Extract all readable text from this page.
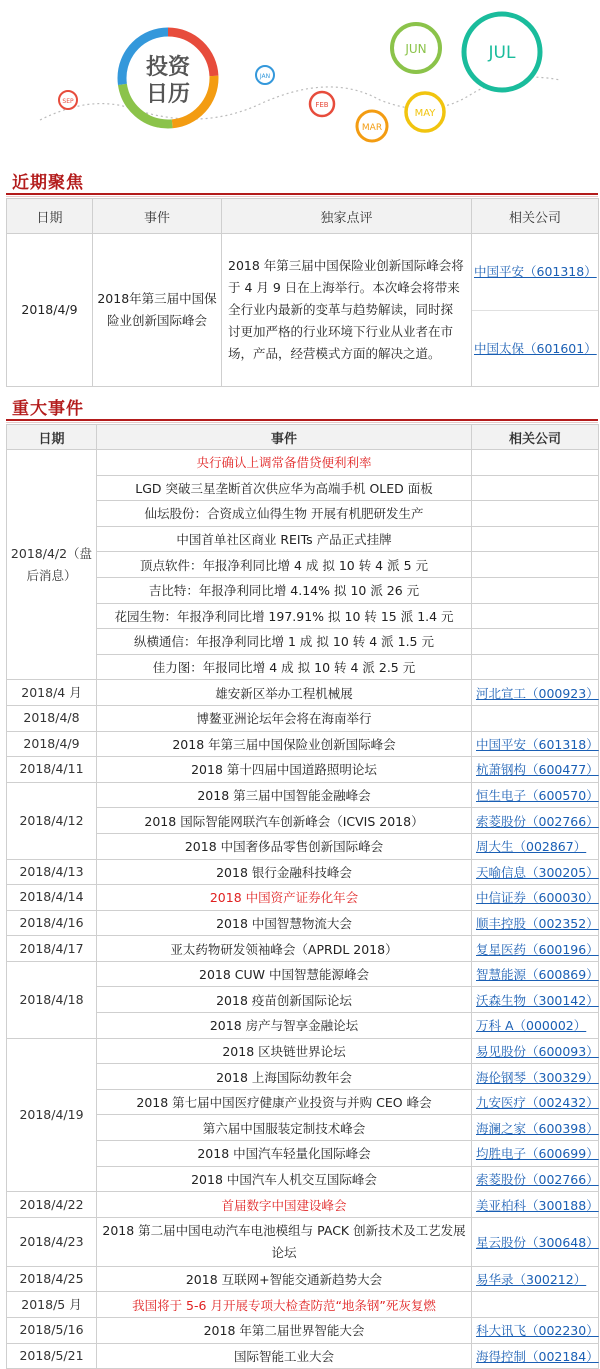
投资
日历
SEP
JAN
FEB
MAR
MAY
JUN	JUL
近期聚焦
日期	事件	独家点评	相关公司
2018/4/9	2018年第三届中国保险业创新国际峰会	2018 年第三届中国保险业创新国际峰会将于 4 月 9 日在上海举行。本次峰会将带来全行业内最新的变革与趋势解读，同时探讨更加严格的行业环境下行业从业者在市场，产品，经营模式方面的解决之道。	中国平安（601318）
中国太保（601601）
重大事件
日期	事件	相关公司
2018/4/2（盘后消息）	央行确认上调常备借贷便利利率	
	LGD 突破三星垄断首次供应华为高端手机 OLED 面板	
	仙坛股份：合资成立仙得生物 开展有机肥研发生产	
	中国首单社区商业 REITs 产品正式挂牌	
	顶点软件：年报净利同比增 4 成 拟 10 转 4 派 5 元	
	吉比特：年报净利同比增 4.14% 拟 10 派 26 元	
	花园生物：年报净利同比增 197.91% 拟 10 转 15 派 1.4 元	
	纵横通信：年报净利同比增 1 成 拟 10 转 4 派 1.5 元	
	佳力图：年报同比增 4 成 拟 10 转 4 派 2.5 元	
2018/4 月	雄安新区举办工程机械展	河北宣工（000923）
2018/4/8	博鳌亚洲论坛年会将在海南举行	
2018/4/9	2018 年第三届中国保险业创新国际峰会	中国平安（601318）
2018/4/11	2018 第十四届中国道路照明论坛	杭萧钢构（600477）
2018/4/12	2018 第三届中国智能金融峰会	恒生电子（600570）
	2018 国际智能网联汽车创新峰会（ICVIS 2018）	索菱股份（002766）
	2018 中国奢侈品零售创新国际峰会	周大生（002867）
2018/4/13	2018 银行金融科技峰会	天喻信息（300205）
2018/4/14	2018 中国资产证券化年会	中信证券（600030）
2018/4/16	2018 中国智慧物流大会	顺丰控股（002352）
2018/4/17	亚太药物研发领袖峰会（APRDL 2018）	复星医药（600196）
2018/4/18	2018 CUW 中国智慧能源峰会	智慧能源（600869）
	2018 疫苗创新国际论坛	沃森生物（300142）
	2018 房产与智享金融论坛	万科 A（000002）
2018/4/19	2018 区块链世界论坛	易见股份（600093）
	2018 上海国际幼教年会	海伦钢琴（300329）
	2018 第七届中国医疗健康产业投资与并购 CEO 峰会	九安医疗（002432）
	第六届中国服装定制技术峰会	海澜之家（600398）
	2018 中国汽车轻量化国际峰会	均胜电子（600699）
	2018 中国汽车人机交互国际峰会	索菱股份（002766）
2018/4/22	首届数字中国建设峰会	美亚柏科（300188）
2018/4/23	2018 第二届中国电动汽车电池模组与 PACK 创新技术及工艺发展论坛	星云股份（300648）
2018/4/25	2018 互联网+智能交通新趋势大会	易华录（300212）
2018/5 月	我国将于 5-6 月开展专项大检查防范“地条钢”死灰复燃	
2018/5/16	2018 年第二届世界智能大会	科大讯飞（002230）
2018/5/21	国际智能工业大会	海得控制（002184）
